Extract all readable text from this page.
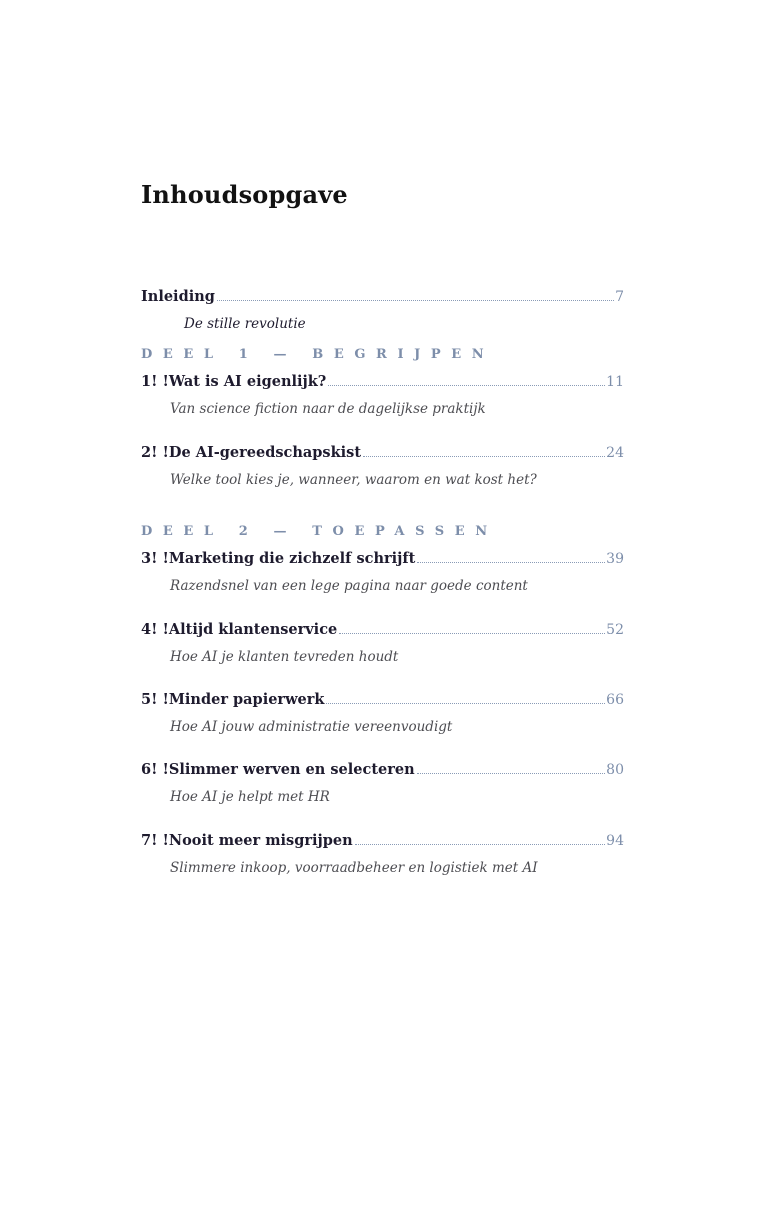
Inhoudsopgave
Inleiding	7
De stille revolutie
DEEL 1 — BEGRIJPEN
1! ! Wat is AI eigenlijk?	11
Van science fiction naar de dagelijkse praktijk
2! ! De AI-gereedschapskist	24
Welke tool kies je, wanneer, waarom en wat kost het?
DEEL 2 — TOEPASSEN
3! ! Marketing die zichzelf schrijft	39
Razendsnel van een lege pagina naar goede content
4! ! Altijd klantenservice	52
Hoe AI je klanten tevreden houdt
5! ! Minder papierwerk	66
Hoe AI jouw administratie vereenvoudigt
6! ! Slimmer werven en selecteren	80
Hoe AI je helpt met HR
7! ! Nooit meer misgrijpen	94
Slimmere inkoop, voorraadbeheer en logistiek met AI
